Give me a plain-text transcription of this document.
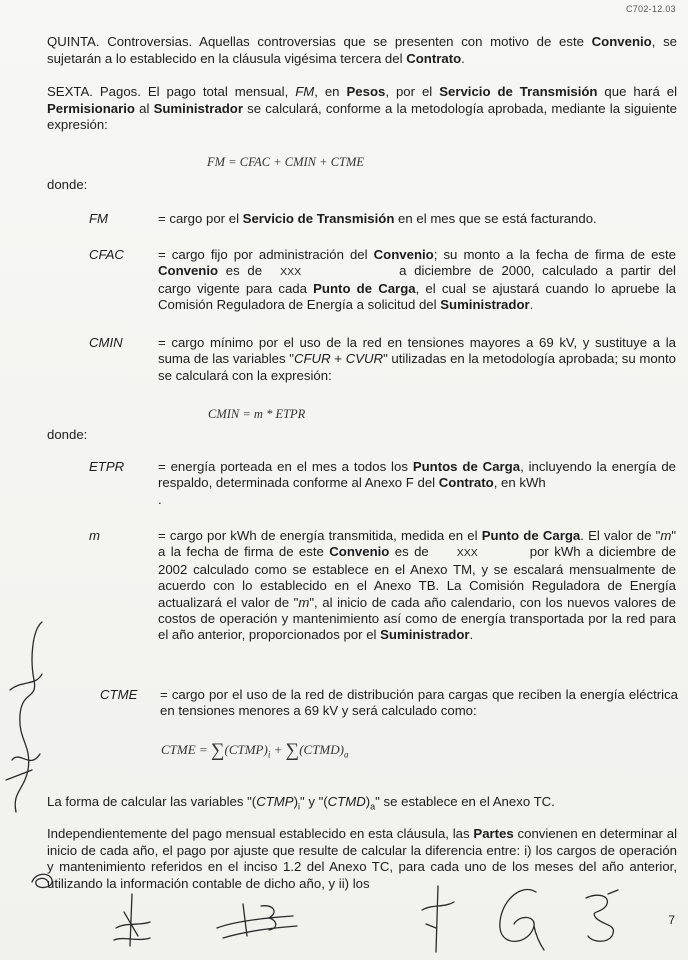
C702-12.03
QUINTA. Controversias. Aquellas controversias que se presenten con motivo de este Convenio, se sujetarán a lo establecido en la cláusula vigésima tercera del Contrato.
SEXTA. Pagos. El pago total mensual, FM, en Pesos, por el Servicio de Transmisión que hará el Permisionario al Suministrador se calculará, conforme a la metodología aprobada, mediante la siguiente expresión:
FM = CFAC + CMIN + CTME
donde:
FM	= cargo por el Servicio de Transmisión en el mes que se está facturando.
CFAC	= cargo fijo por administración del Convenio; su monto a la fecha de firma de este Convenio es de XXX	a diciembre de 2000, calculado a partir del cargo vigente para cada Punto de Carga, el cual se ajustará cuando lo apruebe la Comisión Reguladora de Energía a solicitud del Suministrador.
CMIN	= cargo mínimo por el uso de la red en tensiones mayores a 69 kV, y sustituye a la suma de las variables "CFUR + CVUR" utilizadas en la metodología aprobada; su monto se calculará con la expresión:
CMIN = m * ETPR
donde:
ETPR	= energía porteada en el mes a todos los Puntos de Carga, incluyendo la energía de respaldo, determinada conforme al Anexo F del Contrato, en kWh
.
m	= cargo por kWh de energía transmitida, medida en el Punto de Carga. El valor de "m" a la fecha de firma de este Convenio es de	XXX	por kWh a diciembre de 2002 calculado como se establece en el Anexo TM, y se escalará mensualmente de acuerdo con lo establecido en el Anexo TB. La Comisión Reguladora de Energía actualizará el valor de "m", al inicio de cada año calendario, con los nuevos valores de costos de operación y mantenimiento así como de energía transportada por la red para el año anterior, proporcionados por el Suministrador.
CTME = cargo por el uso de la red de distribución para cargas que reciben la energía eléctrica en tensiones menores a 69 kV y será calculado como:
CTME = $\sum(CTMP)_i$ + $\sum(CTMD)_a$
La forma de calcular las variables "$(CTMP)_i$" y "$(CTMD)_a$" se establece en el Anexo TC.
Independientemente del pago mensual establecido en esta cláusula, las Partes convienen en determinar al inicio de cada año, el pago por ajuste que resulte de calcular la diferencia entre: i) los cargos de operación y mantenimiento referidos en el inciso 1.2 del Anexo TC, para cada uno de los meses del año anterior, utilizando la información contable de dicho año, y ii) los
7
